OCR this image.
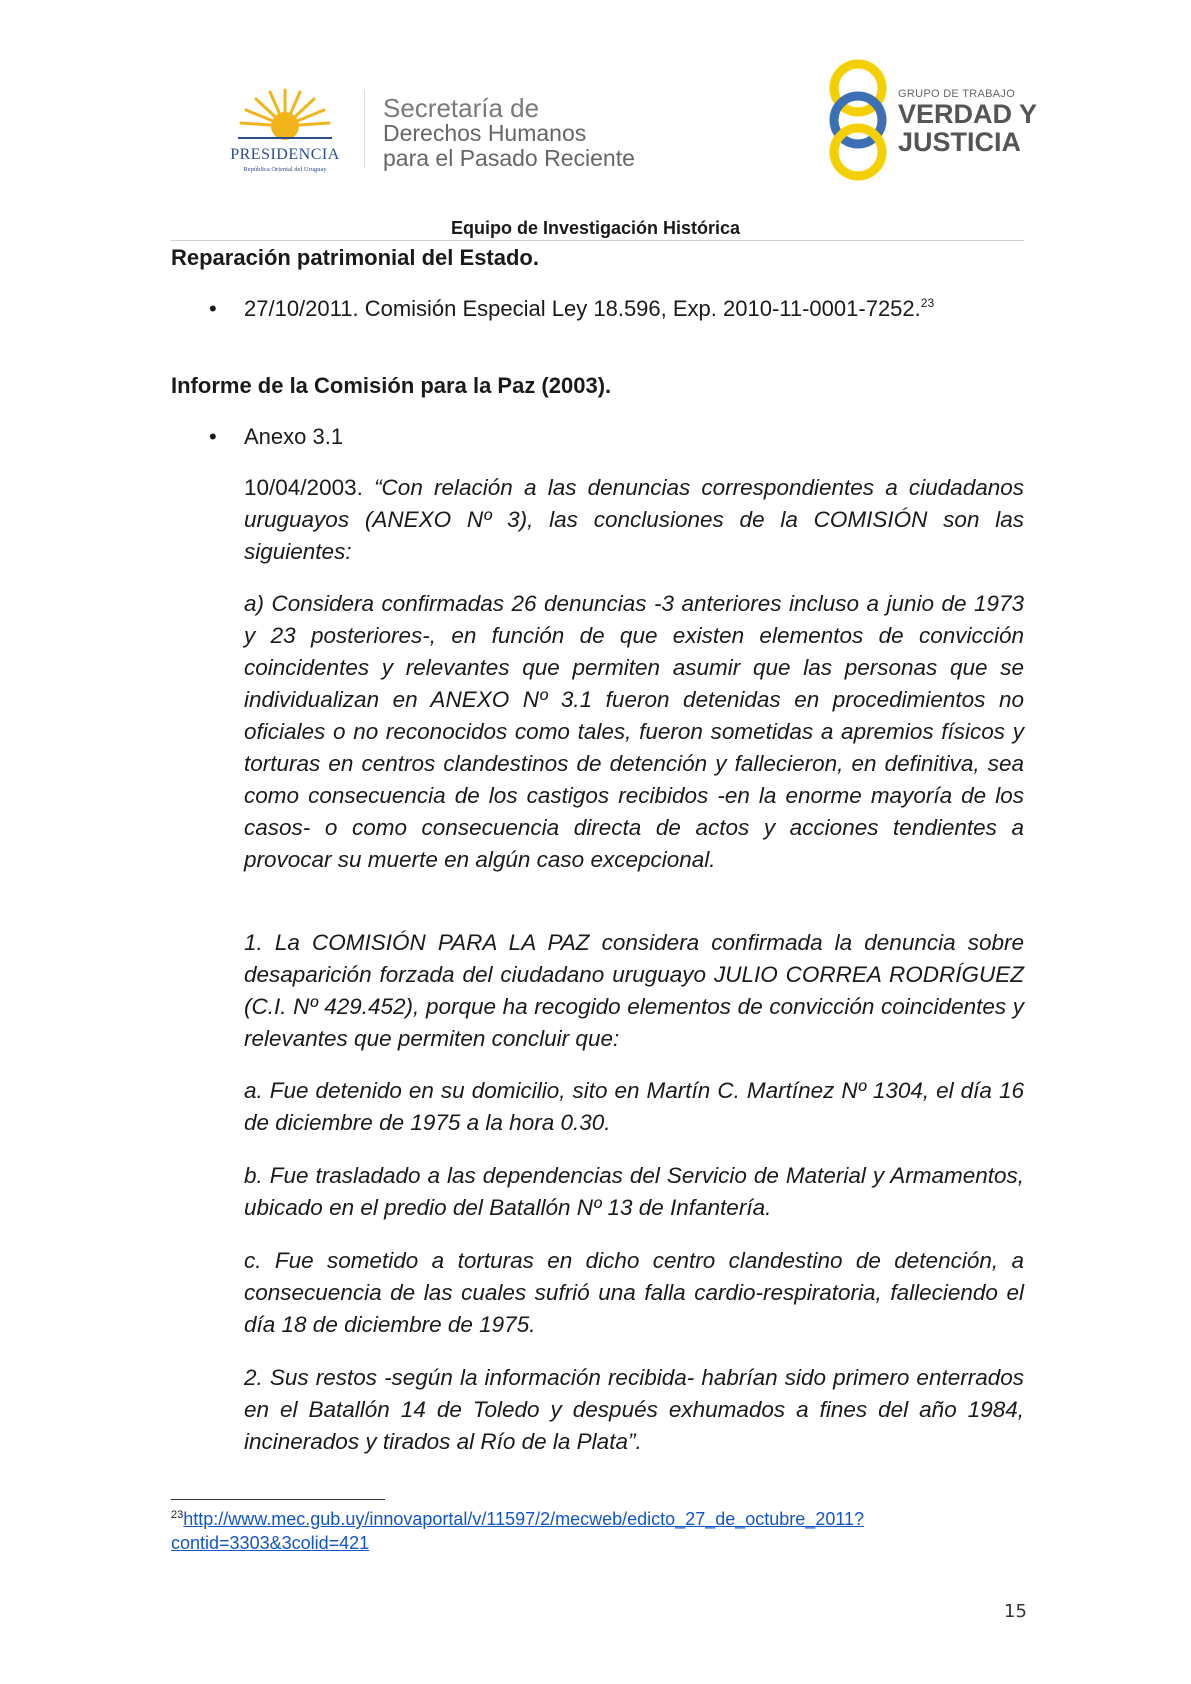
PRESIDENCIA
República Oriental del Uruguay
Secretaría de
Derechos Humanos
para el Pasado Reciente
GRUPO DE TRABAJO
VERDAD Y
JUSTICIA
Equipo de Investigación Histórica
Reparación patrimonial del Estado.
• 27/10/2011. Comisión Especial Ley 18.596, Exp. 2010-11-0001-7252.23
Informe de la Comisión para la Paz (2003).
• Anexo 3.1
10/04/2003. “Con relación a las denuncias correspondientes a ciudadanos uruguayos (ANEXO Nº 3), las conclusiones de la COMISIÓN son las siguientes:
a) Considera confirmadas 26 denuncias -3 anteriores incluso a junio de 1973 y 23 posteriores-, en función de que existen elementos de convicción coincidentes y relevantes que permiten asumir que las personas que se individualizan en ANEXO Nº 3.1 fueron detenidas en procedimientos no oficiales o no reconocidos como tales, fueron sometidas a apremios físicos y torturas en centros clandestinos de detención y fallecieron, en definitiva, sea como consecuencia de los castigos recibidos -en la enorme mayoría de los casos- o como consecuencia directa de actos y acciones tendientes a provocar su muerte en algún caso excepcional.
1. La COMISIÓN PARA LA PAZ considera confirmada la denuncia sobre desaparición forzada del ciudadano uruguayo JULIO CORREA RODRÍGUEZ (C.I. Nº 429.452), porque ha recogido elementos de convicción coincidentes y relevantes que permiten concluir que:
a. Fue detenido en su domicilio, sito en Martín C. Martínez Nº 1304, el día 16 de diciembre de 1975 a la hora 0.30.
b. Fue trasladado a las dependencias del Servicio de Material y Armamentos, ubicado en el predio del Batallón Nº 13 de Infantería.
c. Fue sometido a torturas en dicho centro clandestino de detención, a consecuencia de las cuales sufrió una falla cardio-respiratoria, falleciendo el día 18 de diciembre de 1975.
2. Sus restos -según la información recibida- habrían sido primero enterrados en el Batallón 14 de Toledo y después exhumados a fines del año 1984, incinerados y tirados al Río de la Plata”.
$^{23}$http://www.mec.gub.uy/innovaportal/v/11597/2/mecweb/edicto_27_de_octubre_2011?contid=3303&3colid=421
15
